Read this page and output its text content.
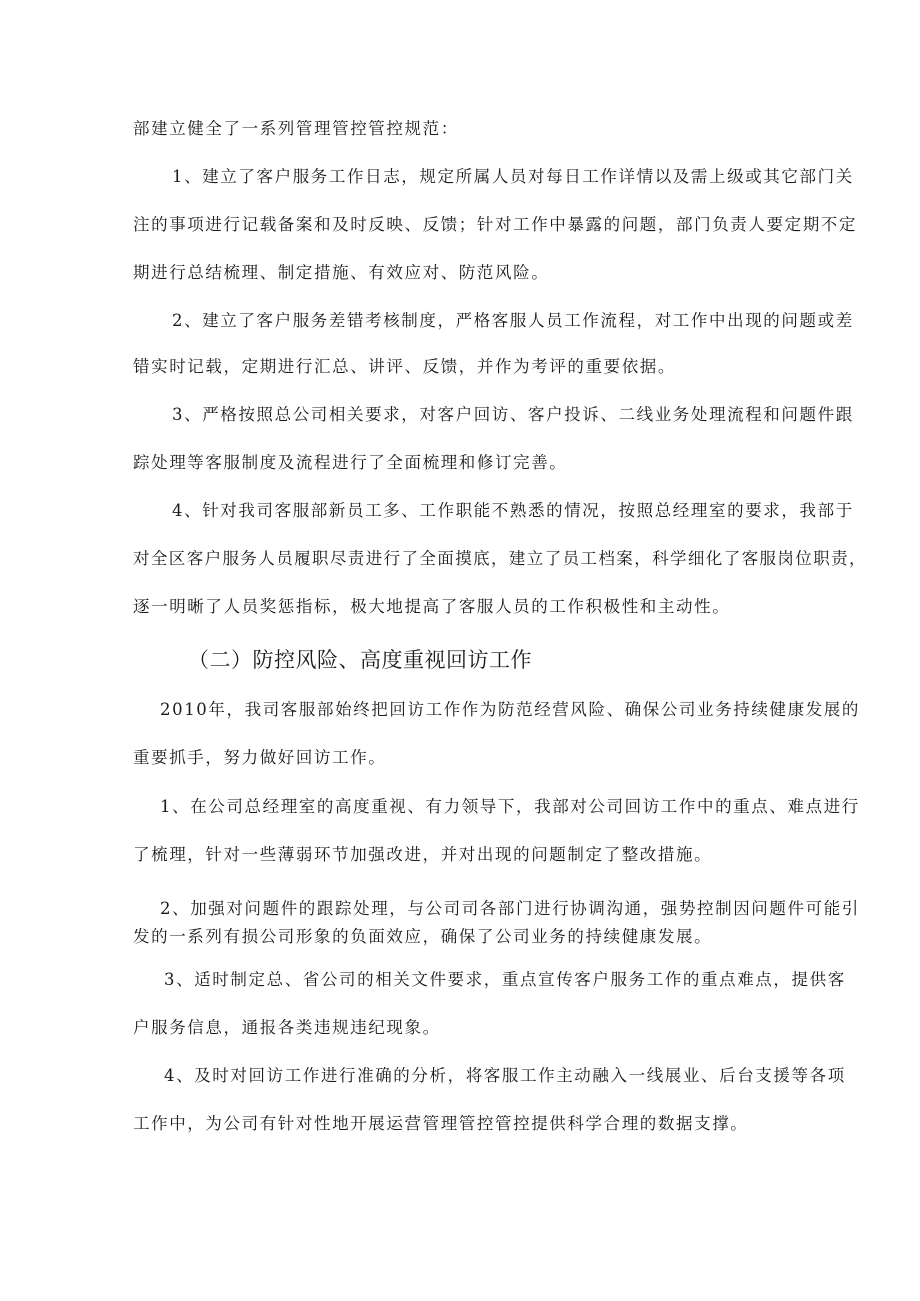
部建立健全了一系列管理管控管控规范：

1、建立了客户服务工作日志，规定所属人员对每日工作详情以及需上级或其它部门关

注的事项进行记载备案和及时反映、反馈；针对工作中暴露的问题，部门负责人要定期不定

期进行总结梳理、制定措施、有效应对、防范风险。

2、建立了客户服务差错考核制度，严格客服人员工作流程，对工作中出现的问题或差

错实时记载，定期进行汇总、讲评、反馈，并作为考评的重要依据。

3、严格按照总公司相关要求，对客户回访、客户投诉、二线业务处理流程和问题件跟

踪处理等客服制度及流程进行了全面梳理和修订完善。

4、针对我司客服部新员工多、工作职能不熟悉的情况，按照总经理室的要求，我部于

对全区客户服务人员履职尽责进行了全面摸底，建立了员工档案，科学细化了客服岗位职责，

逐一明晰了人员奖惩指标，极大地提高了客服人员的工作积极性和主动性。

（二）防控风险、高度重视回访工作

2010年，我司客服部始终把回访工作作为防范经营风险、确保公司业务持续健康发展的

重要抓手，努力做好回访工作。

1、在公司总经理室的高度重视、有力领导下，我部对公司回访工作中的重点、难点进行

了梳理，针对一些薄弱环节加强改进，并对出现的问题制定了整改措施。

2、加强对问题件的跟踪处理，与公司司各部门进行协调沟通，强势控制因问题件可能引

发的一系列有损公司形象的负面效应，确保了公司业务的持续健康发展。

3、适时制定总、省公司的相关文件要求，重点宣传客户服务工作的重点难点，提供客

户服务信息，通报各类违规违纪现象。

4、及时对回访工作进行准确的分析，将客服工作主动融入一线展业、后台支援等各项

工作中，为公司有针对性地开展运营管理管控管控提供科学合理的数据支撑。
